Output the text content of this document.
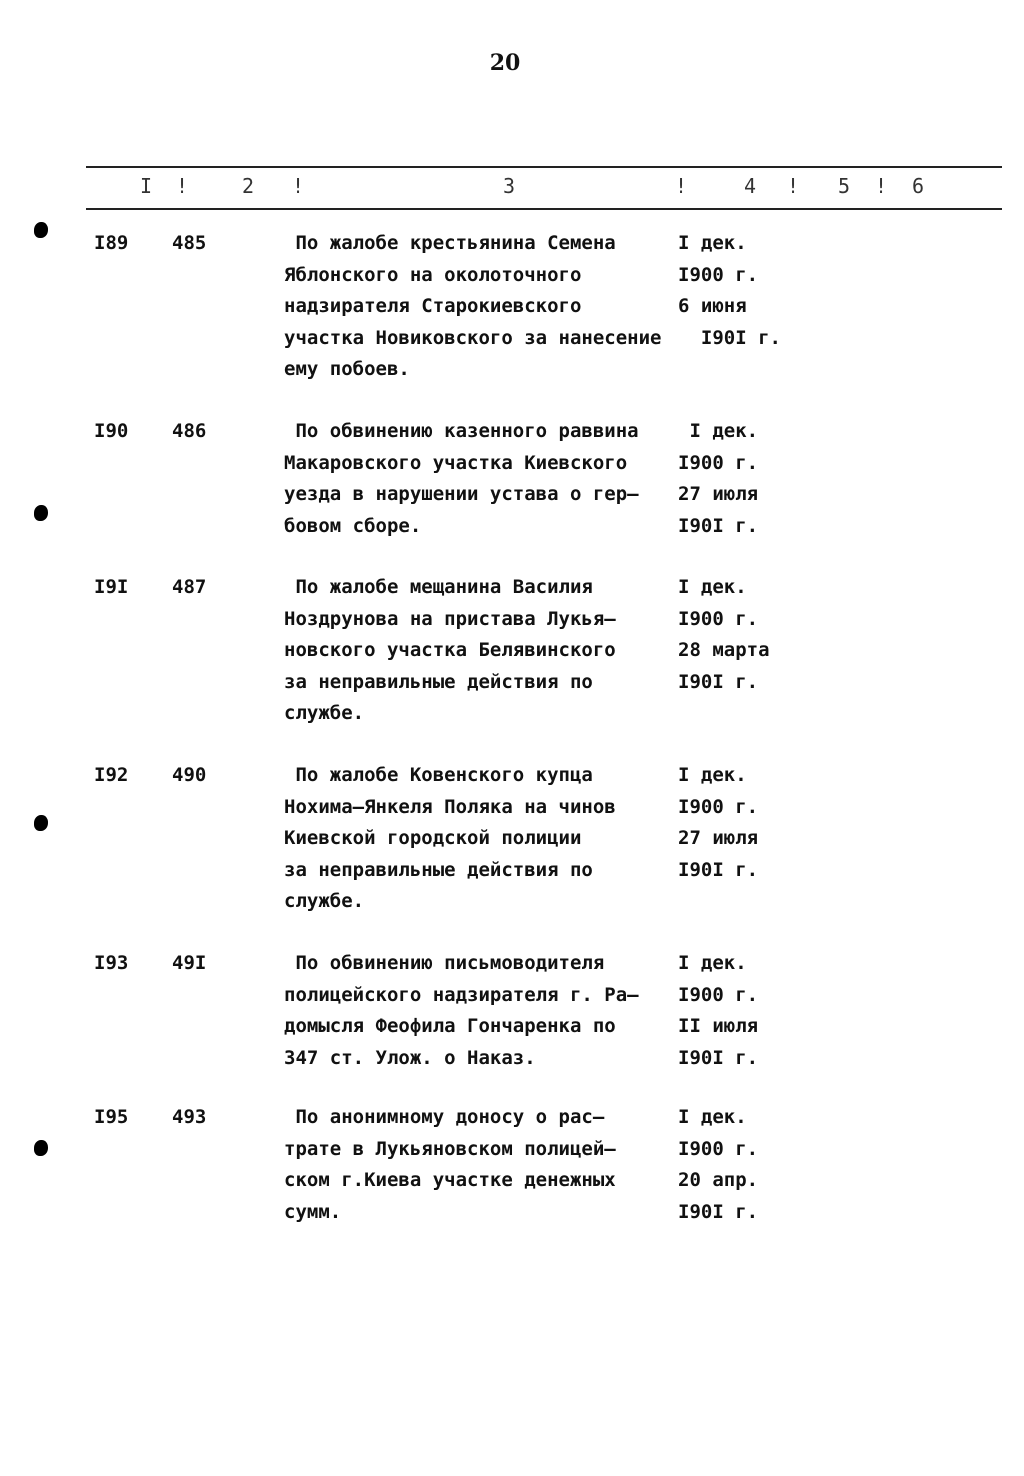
20
I !	2 !	3	!	4 ! 5 ! 6
I89 485	По жалобе крестьянина Семена
Яблонского на околоточного
надзирателя Старокиевского
участка Новиковского за нанесение
ему побоев.
I дек.
I900 г.
6 июня
I90I г.
I90 486	По обвинению казенного раввина
Макаровского участка Киевского
уезда в нарушении устава о гер–
бовом сборе.
I дек.
I900 г.
27 июля
I90I г.
I9I 487	По жалобе мещанина Василия
Ноздрунова на пристава Лукья–
новского участка Белявинского
за неправильные действия по
службе.
I дек.
I900 г.
28 марта
I90I г.
I92 490	По жалобе Ковенского купца
Нохима–Янкеля Поляка на чинов
Киевской городской полиции
за неправильные действия по
службе.
I дек.
I900 г.
27 июля
I90I г.
I93 49I	По обвинению письмоводителя
полицейского надзирателя г. Ра–
домысля Феофила Гончаренка по
347 ст. Улож. о Наказ.
I дек.
I900 г.
II июля
I90I г.
I95 493	По анонимному доносу о рас–
трате в Лукьяновском полицей–
ском г.Киева участке денежных
сумм.
I дек.
I900 г.
20 апр.
I90I г.
